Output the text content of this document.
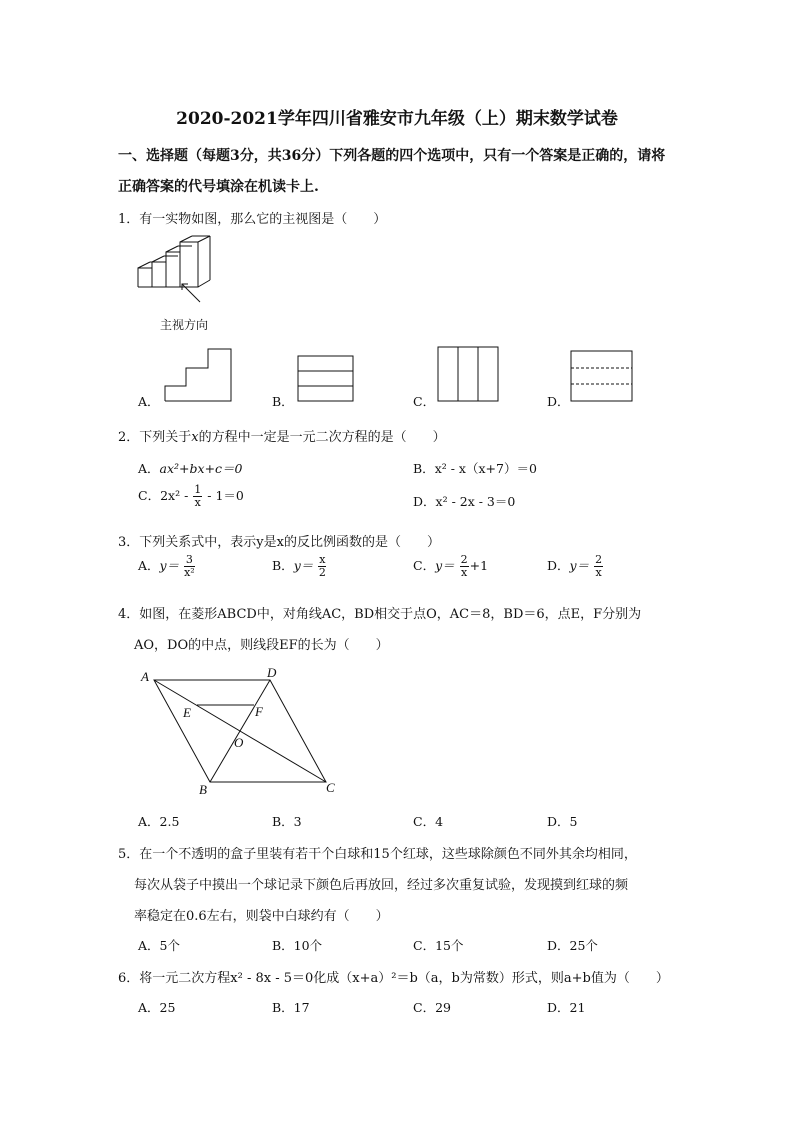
2020-2021学年四川省雅安市九年级（上）期末数学试卷
一、选择题（每题3分，共36分）下列各题的四个选项中，只有一个答案是正确的，请将
正确答案的代号填涂在机读卡上.
1．有一实物如图，那么它的主视图是（　　）
主视方向
A．	B．	C．	D．
2．下列关于x的方程中一定是一元二次方程的是（　　）
A．ax²+bx+c＝0	B．x² - x（x+7）＝0
C．$2x^2 - \frac{1}{x} - 1=0$	D．x² - 2x - 3＝0
3．下列关系式中，表示y是x的反比例函数的是（　　）
A．$y= \frac{3}{\text{x²}}$	B．$y= \frac{x}{2}$	C．$y= \frac{2}{x} +1$	D．$y= \frac{2}{x}$
4．如图，在菱形ABCD中，对角线AC，BD相交于点O，AC＝8，BD＝6，点E，F分别为
AO，DO的中点，则线段EF的长为（　　）
A	D
E	F
O
B	C
A．2.5	B．3	C．4	D．5
5．在一个不透明的盒子里装有若干个白球和15个红球，这些球除颜色不同外其余均相同，
每次从袋子中摸出一个球记录下颜色后再放回，经过多次重复试验，发现摸到红球的频
率稳定在0.6左右，则袋中白球约有（　　）
A．5个	B．10个	C．15个	D．25个
6．将一元二次方程x² - 8x - 5＝0化成（x+a）²＝b（a，b为常数）形式，则a+b值为（　　）
A．25	B．17	C．29	D．21
